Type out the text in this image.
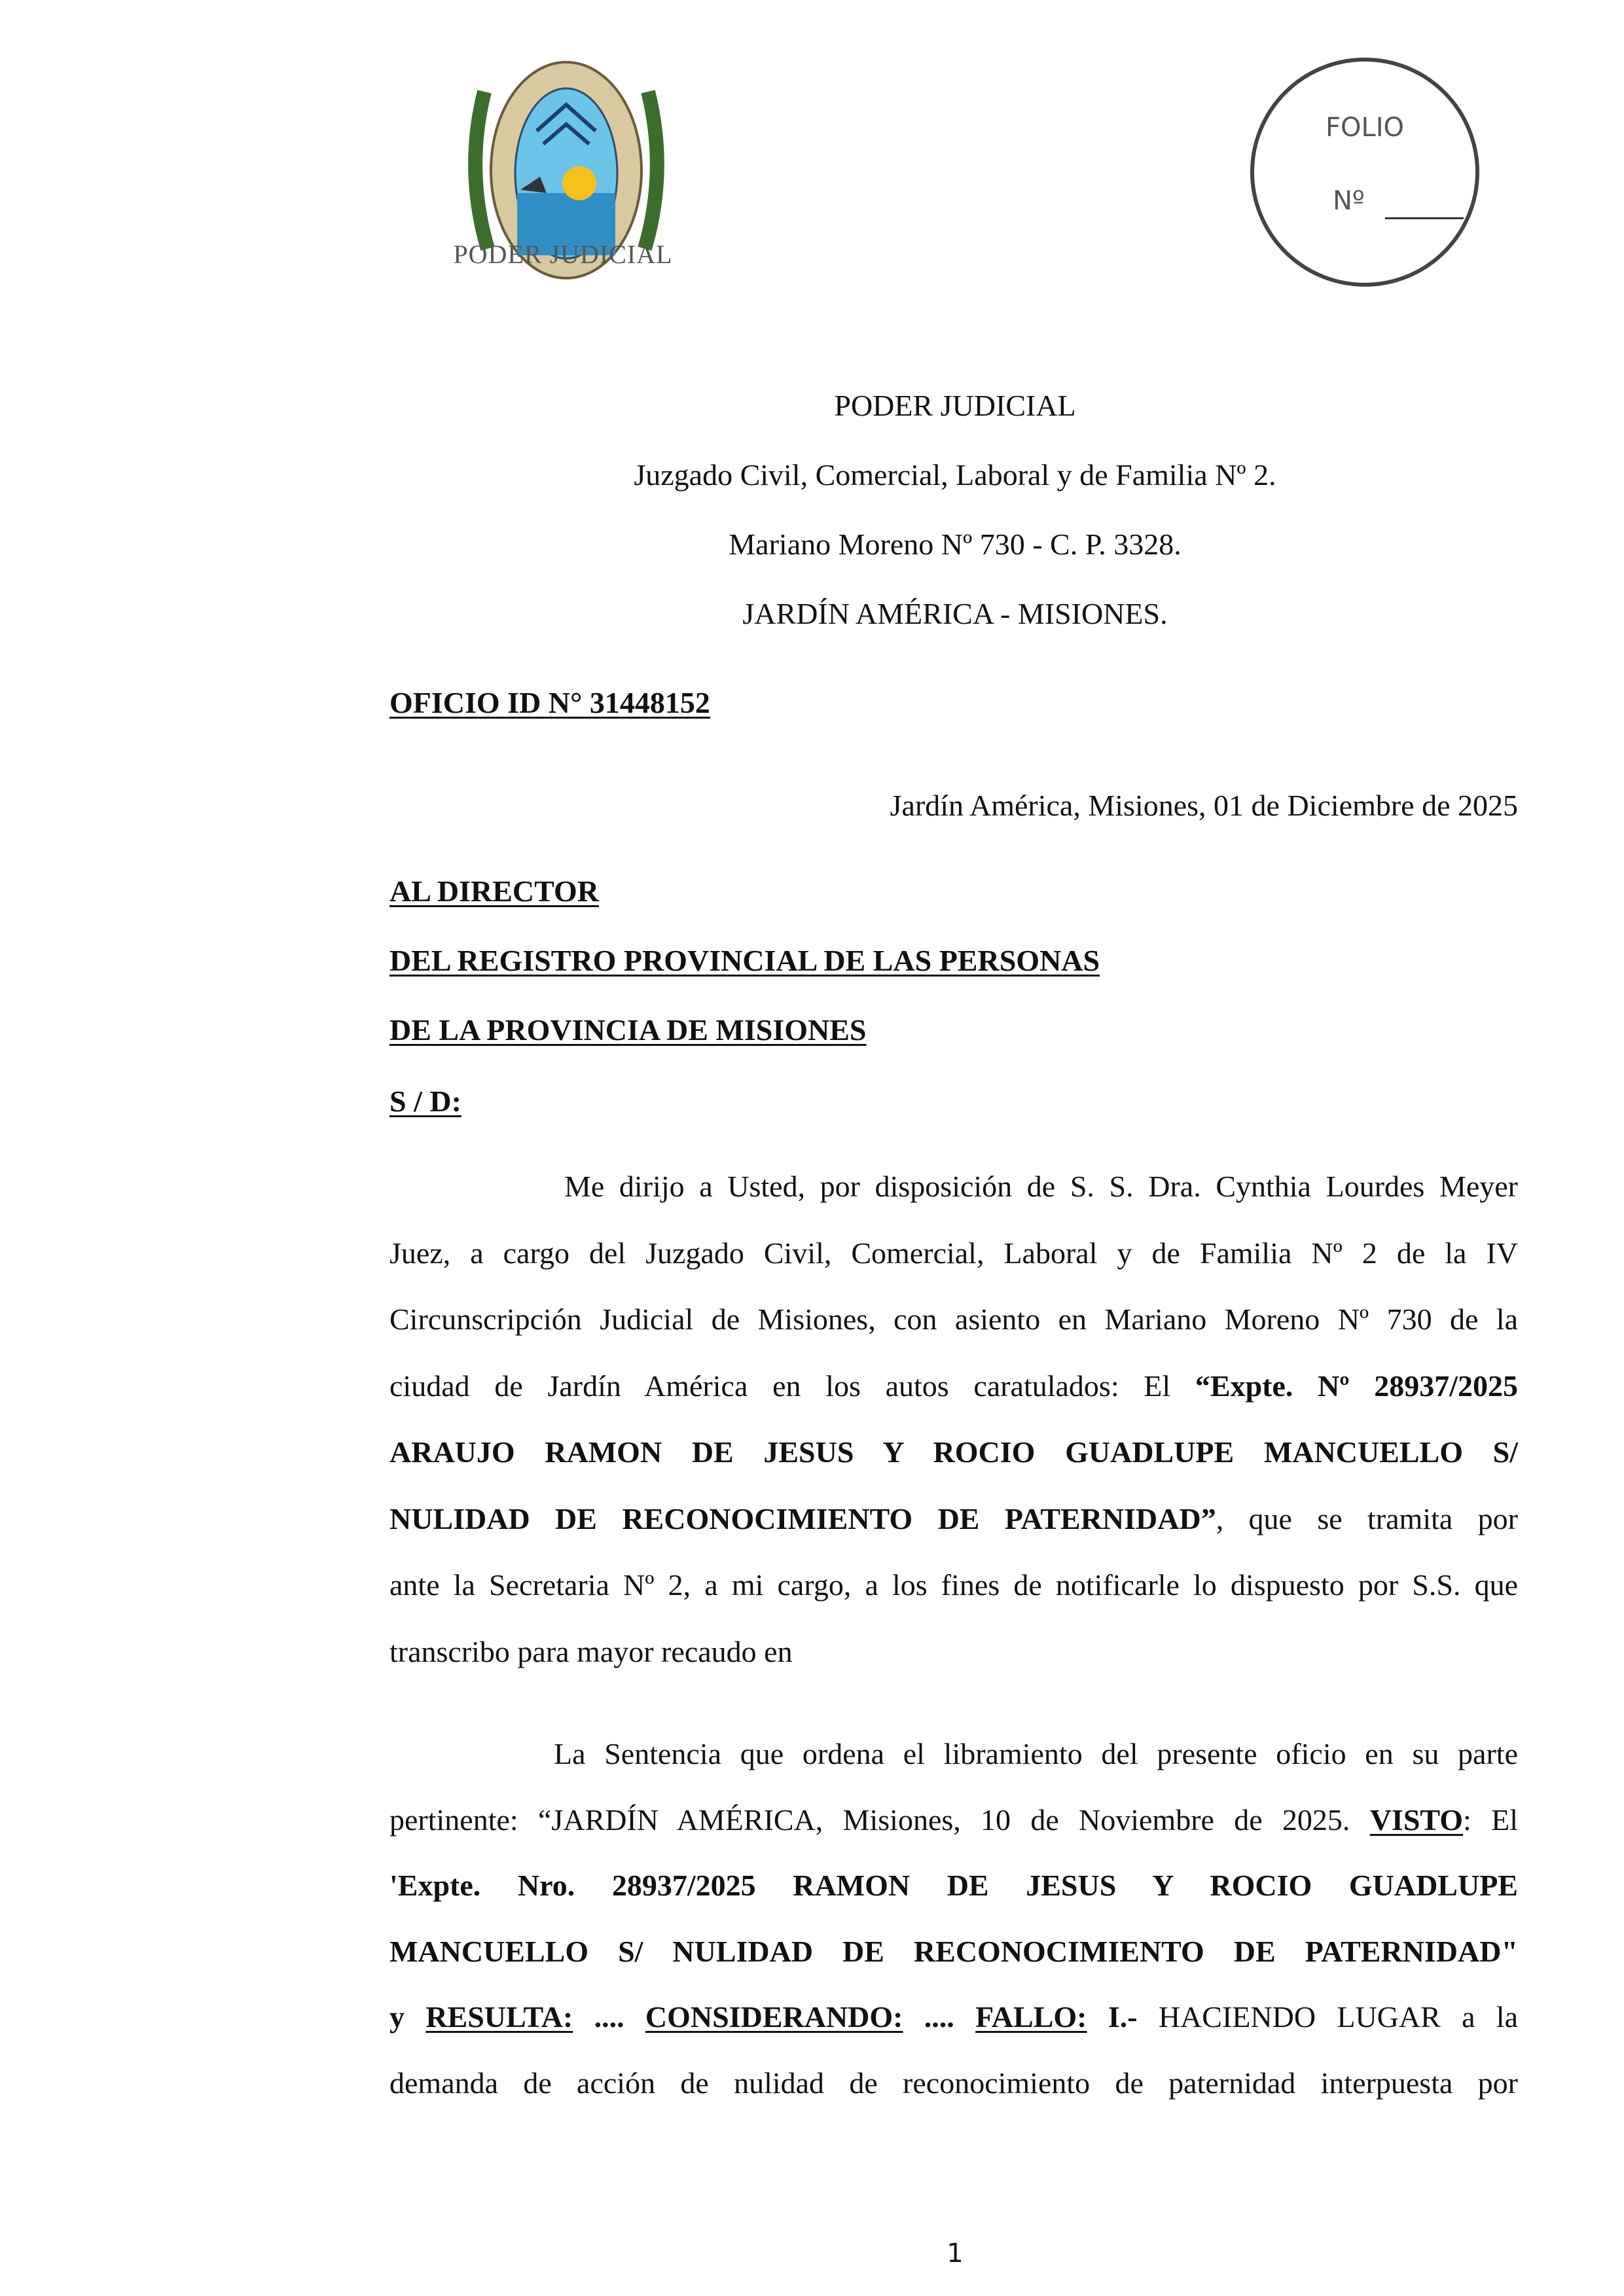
PODER JUDICIAL
FOLIO
Nº
PODER JUDICIAL
Juzgado Civil, Comercial, Laboral y de Familia Nº 2.
Mariano Moreno Nº 730 - C. P. 3328.
JARDÍN AMÉRICA - MISIONES.
OFICIO ID N° 31448152
Jardín América, Misiones, 01 de Diciembre de 2025
AL DIRECTOR
DEL REGISTRO PROVINCIAL DE LAS PERSONAS
DE LA PROVINCIA DE MISIONES
S / D:
Me dirijo a Usted, por disposición de S. S. Dra. Cynthia Lourdes Meyer
Juez, a cargo del Juzgado Civil, Comercial, Laboral y de Familia Nº 2 de la IV
Circunscripción Judicial de Misiones, con asiento en Mariano Moreno Nº 730 de la
ciudad de Jardín América en los autos caratulados: El “Expte. Nº 28937/2025
ARAUJO RAMON DE JESUS Y ROCIO GUADLUPE MANCUELLO S/
NULIDAD DE RECONOCIMIENTO DE PATERNIDAD”, que se tramita por
ante la Secretaria Nº 2, a mi cargo, a los fines de notificarle lo dispuesto por S.S. que
transcribo para mayor recaudo en
La Sentencia que ordena el libramiento del presente oficio en su parte
pertinente: “JARDÍN AMÉRICA, Misiones, 10 de Noviembre de 2025. VISTO: El
'Expte. Nro. 28937/2025 RAMON DE JESUS Y ROCIO GUADLUPE
MANCUELLO S/ NULIDAD DE RECONOCIMIENTO DE PATERNIDAD"
y RESULTA: .... CONSIDERANDO: .... FALLO: I.- HACIENDO LUGAR a la
demanda de acción de nulidad de reconocimiento de paternidad interpuesta por
1
